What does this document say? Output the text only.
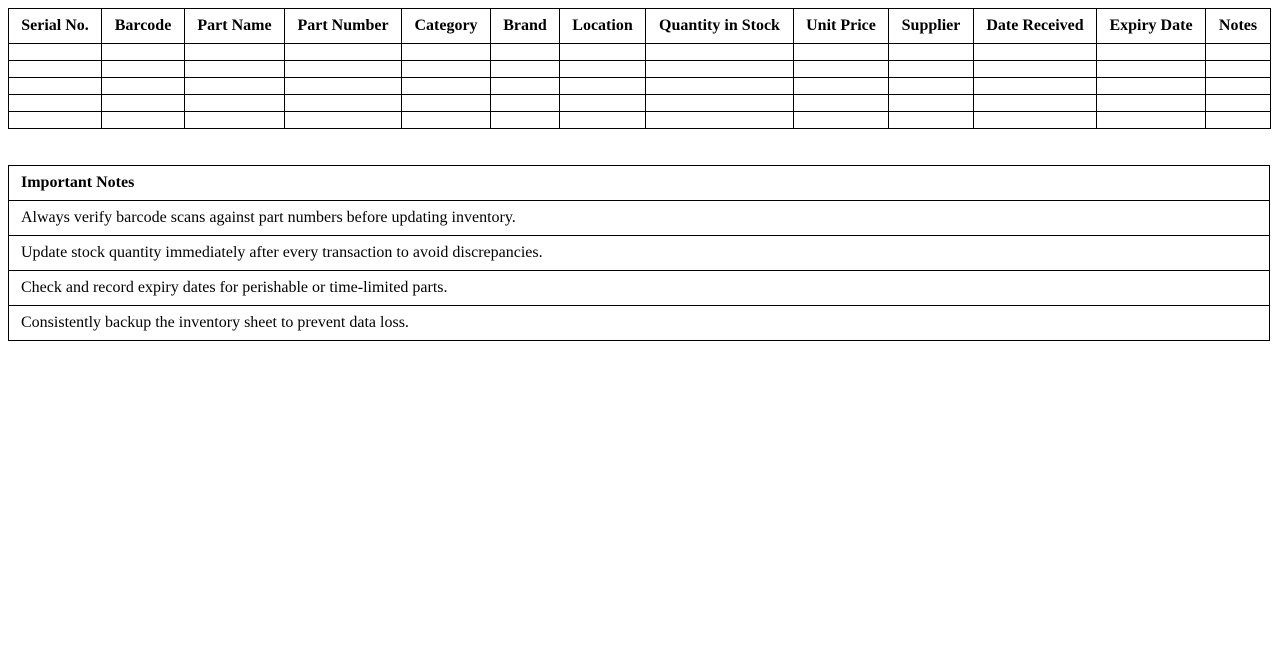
Serial No.	Barcode	Part Name	Part Number	Category	Brand	Location	Quantity in Stock	Unit Price	Supplier	Date Received	Expiry Date	Notes

Important Notes
Always verify barcode scans against part numbers before updating inventory.
Update stock quantity immediately after every transaction to avoid discrepancies.
Check and record expiry dates for perishable or time-limited parts.
Consistently backup the inventory sheet to prevent data loss.
